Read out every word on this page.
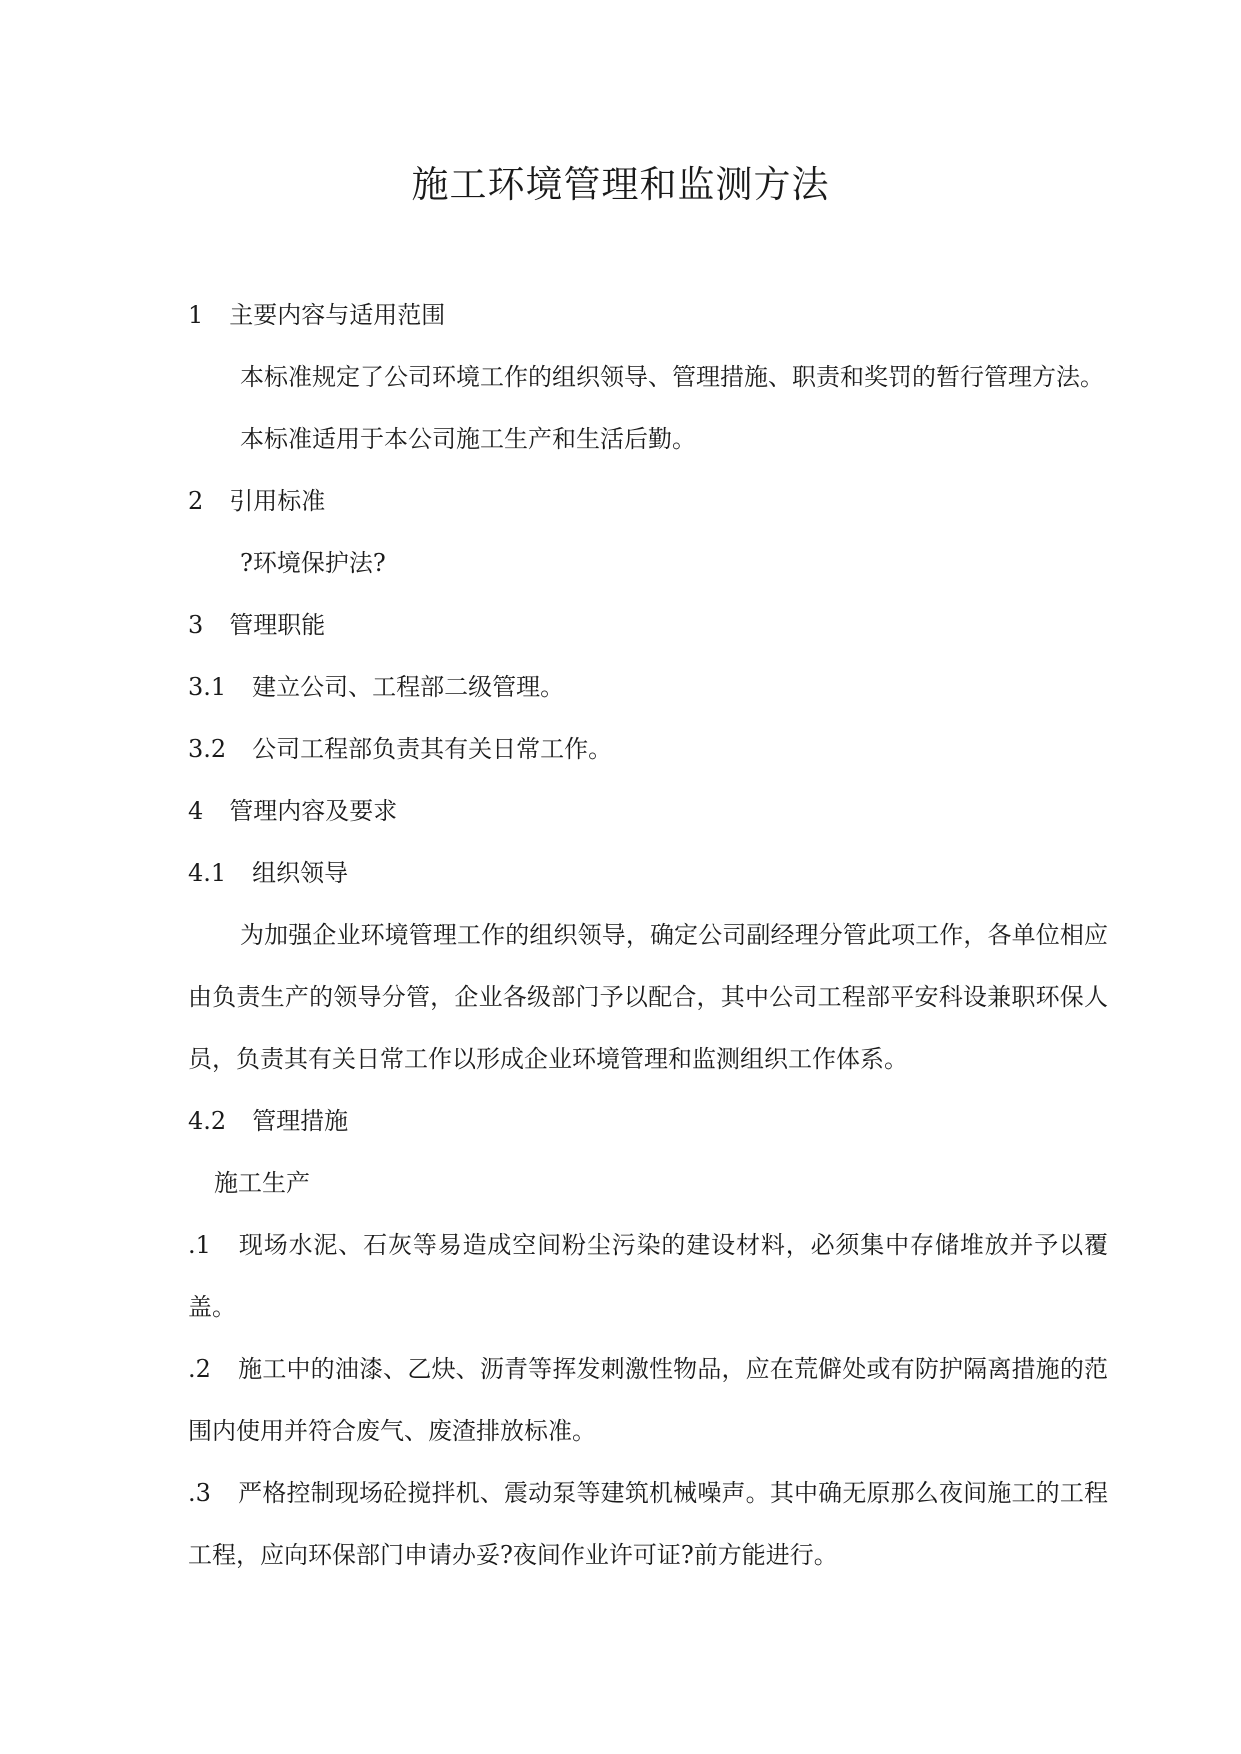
施工环境管理和监测方法
1 主要内容与适用范围
本标准规定了公司环境工作的组织领导、管理措施、职责和奖罚的暂行管理方法。
本标准适用于本公司施工生产和生活后勤。
2 引用标准
?环境保护法?
3 管理职能
3.1 建立公司、工程部二级管理。
3.2 公司工程部负责其有关日常工作。
4 管理内容及要求
4.1 组织领导
为加强企业环境管理工作的组织领导，确定公司副经理分管此项工作，各单位相应由负责生产的领导分管，企业各级部门予以配合，其中公司工程部平安科设兼职环保人员，负责其有关日常工作以形成企业环境管理和监测组织工作体系。
4.2 管理措施
施工生产
.1 现场水泥、石灰等易造成空间粉尘污染的建设材料，必须集中存储堆放并予以覆盖。
.2 施工中的油漆、乙炔、沥青等挥发刺激性物品，应在荒僻处或有防护隔离措施的范围内使用并符合废气、废渣排放标准。
.3 严格控制现场砼搅拌机、震动泵等建筑机械噪声。其中确无原那么夜间施工的工程工程，应向环保部门申请办妥?夜间作业许可证?前方能进行。
